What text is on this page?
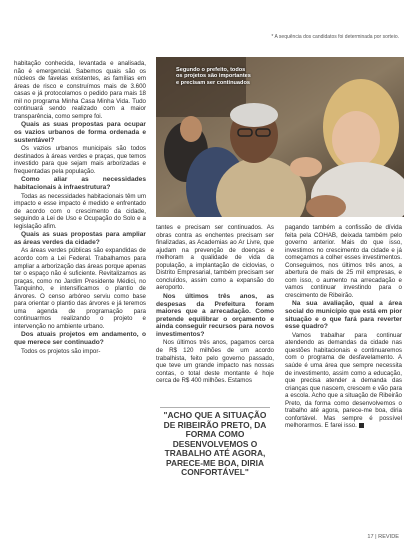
* A sequência dos candidatos foi determinada por sorteio.
Segundo o prefeito, todos os projetos são importantes e precisam ser continuados

habitação conhecida, levantada e analisada, não é emergencial. Sabemos quais são os núcleos de favelas existentes, as famílias em áreas de risco e construímos mais de 3.600 casas e já protocolamos o pedido para mais 18 mil no programa Minha Casa Minha Vida. Tudo continuará sendo realizado com a maior transparência, como sempre foi.

Quais as suas propostas para ocupar os vazios urbanos de forma ordenada e sustentável?

Os vazios urbanos municipais são todos destinados à áreas verdes e praças, que temos investido para que sejam mais arborizadas e frequentadas pela população.

Como aliar as necessidades habitacionais à infraestrutura?

Todas as necessidades habitacionais têm um impacto e esse impacto é medido e enfrentado de acordo com o crescimento da cidade, seguindo a Lei de Uso e Ocupação do Solo e a legislação afim.

Quais as suas propostas para ampliar as áreas verdes da cidade?

As áreas verdes públicas são expandidas de acordo com a Lei Federal. Trabalhamos para ampliar a arborização das áreas porque apenas ter o espaço não é suficiente. Revitalizamos as praças, como no Jardim Presidente Médici, no Tanquinho, e intensificamos o plantio de árvores. O censo arbóreo serviu como base para orientar o plantio das árvores e já teremos uma agenda de programação para continuarmos realizando o projeto e intervenção no ambiente urbano.

Dos atuais projetos em andamento, o que merece ser continuado?

Todos os projetos são impor-

tantes e precisam ser continuados. As obras contra as enchentes precisam ser finalizadas, as Academias ao Ar Livre, que ajudam na prevenção de doenças e melhoram a qualidade de vida da população, a implantação de ciclovias, o Distrito Empresarial, também precisam ser concluídos, assim como a expansão do aeroporto.

Nos últimos três anos, as despesas da Prefeitura foram maiores que a arrecadação. Como pretende equilibrar o orçamento e ainda conseguir recursos para novos investimentos?

Nos últimos três anos, pagamos cerca de R$ 120 milhões de um acordo trabalhista, feito pelo governo passado, que teve um grande impacto nas nossas contas, o total deste montante é hoje cerca de R$ 400 milhões. Estamos

pagando também a confissão de dívida feita pela COHAB, deixada também pelo governo anterior. Mais do que isso, investimos no crescimento da cidade e já começamos a colher esses investimentos. Conseguimos, nos últimos três anos, a abertura de mais de 25 mil empresas, e com isso, o aumento na arrecadação e vamos continuar investindo para o crescimento de Ribeirão.

Na sua avaliação, qual a área social do município que está em pior situação e o que fará para reverter esse quadro?

Vamos trabalhar para continuar atendendo as demandas da cidade nas questões habitacionais e continuaremos com o programa de desfavelamento. A saúde é uma área que sempre necessita de investimento, assim como a educação, que precisa atender a demanda das crianças que nascem, crescem e vão para a escola. Acho que a situação de Ribeirão Preto, da forma como desenvolvemos o trabalho até agora, parece-me boa, diria confortável. Mas sempre é possível melhorarmos. E farei isso.

"ACHO QUE A SITUAÇÃO DE RIBEIRÃO PRETO, DA FORMA COMO DESENVOLVEMOS O TRABALHO ATÉ AGORA, PARECE-ME BOA, DIRIA CONFORTÁVEL"
17 | REVIDE
